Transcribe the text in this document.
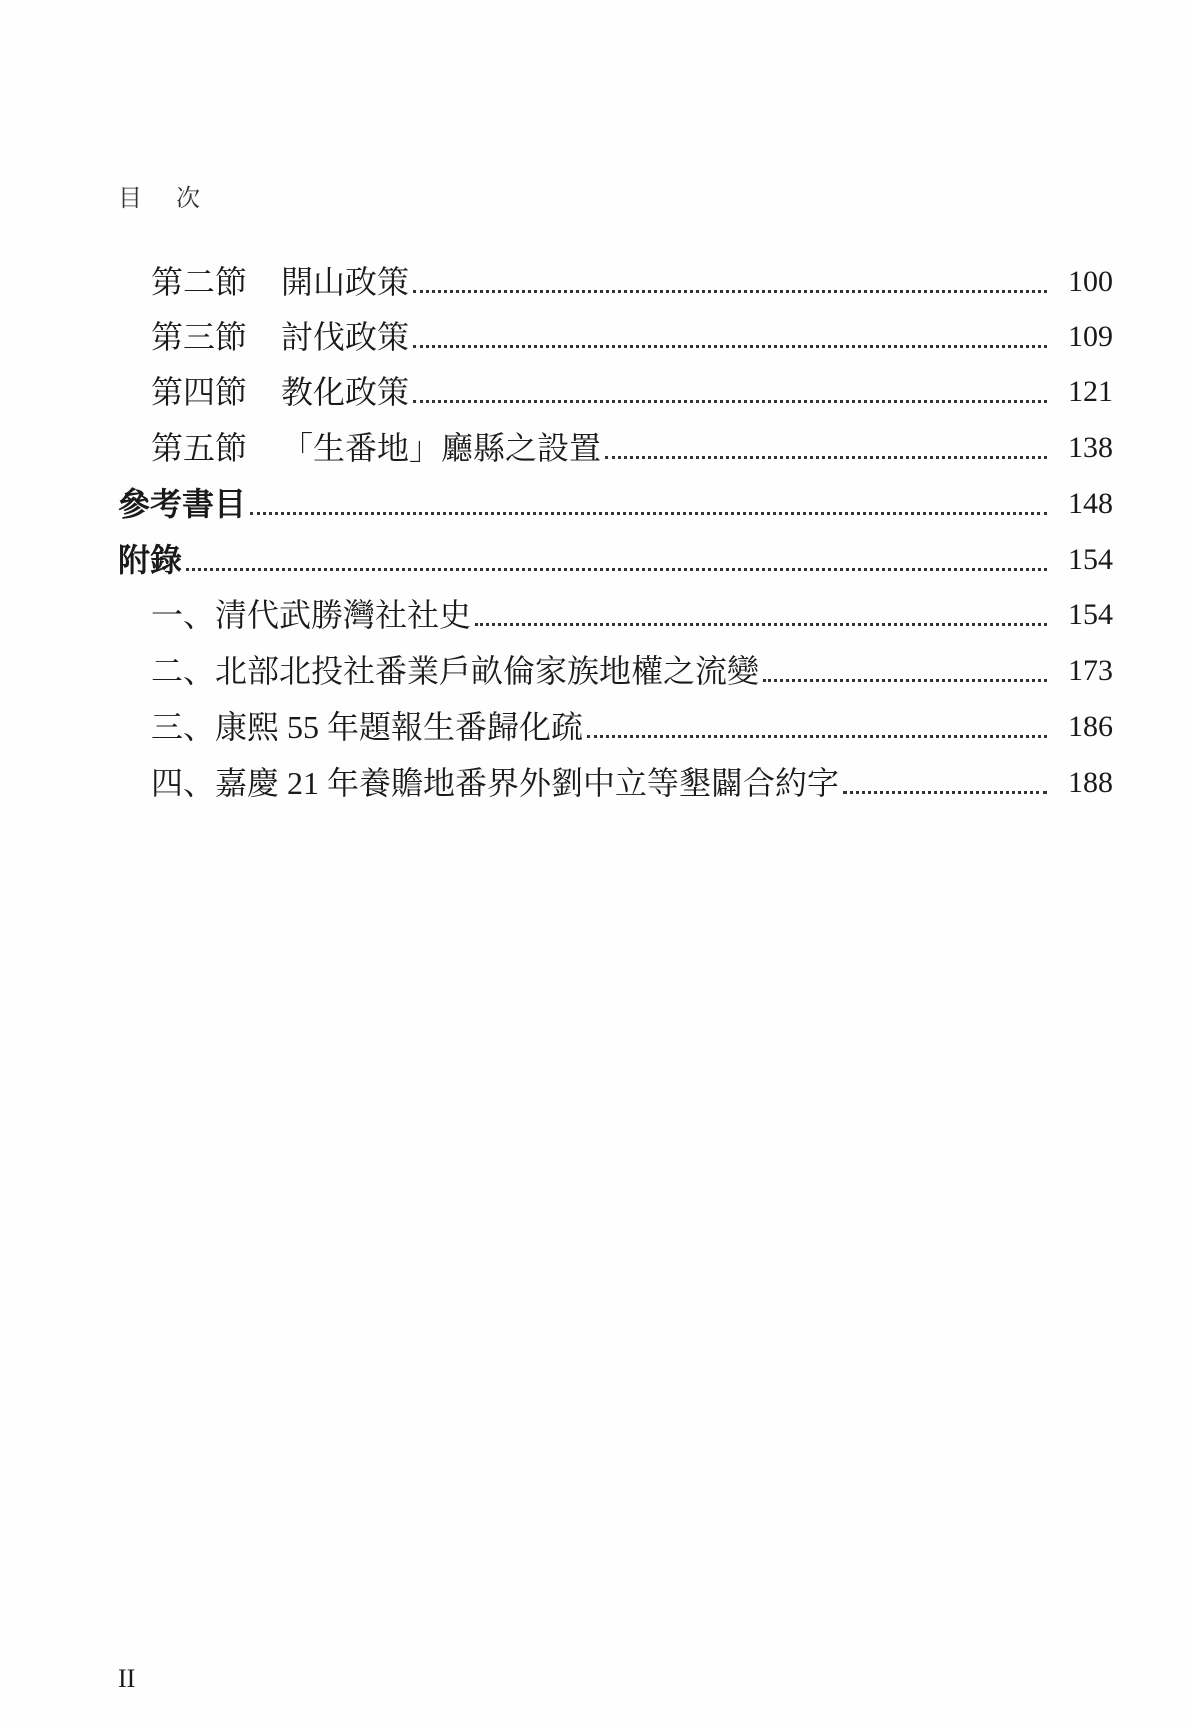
目 次
第二節 開山政策	100
第三節 討伐政策	109
第四節 教化政策	121
第五節 「生番地」廳縣之設置	138
參考書目	148
附錄	154
一、清代武勝灣社社史	154
二、北部北投社番業戶畝倫家族地權之流變	173
三、康熙 55 年題報生番歸化疏	186
四、嘉慶 21 年養贍地番界外劉中立等墾闢合約字	188
II
